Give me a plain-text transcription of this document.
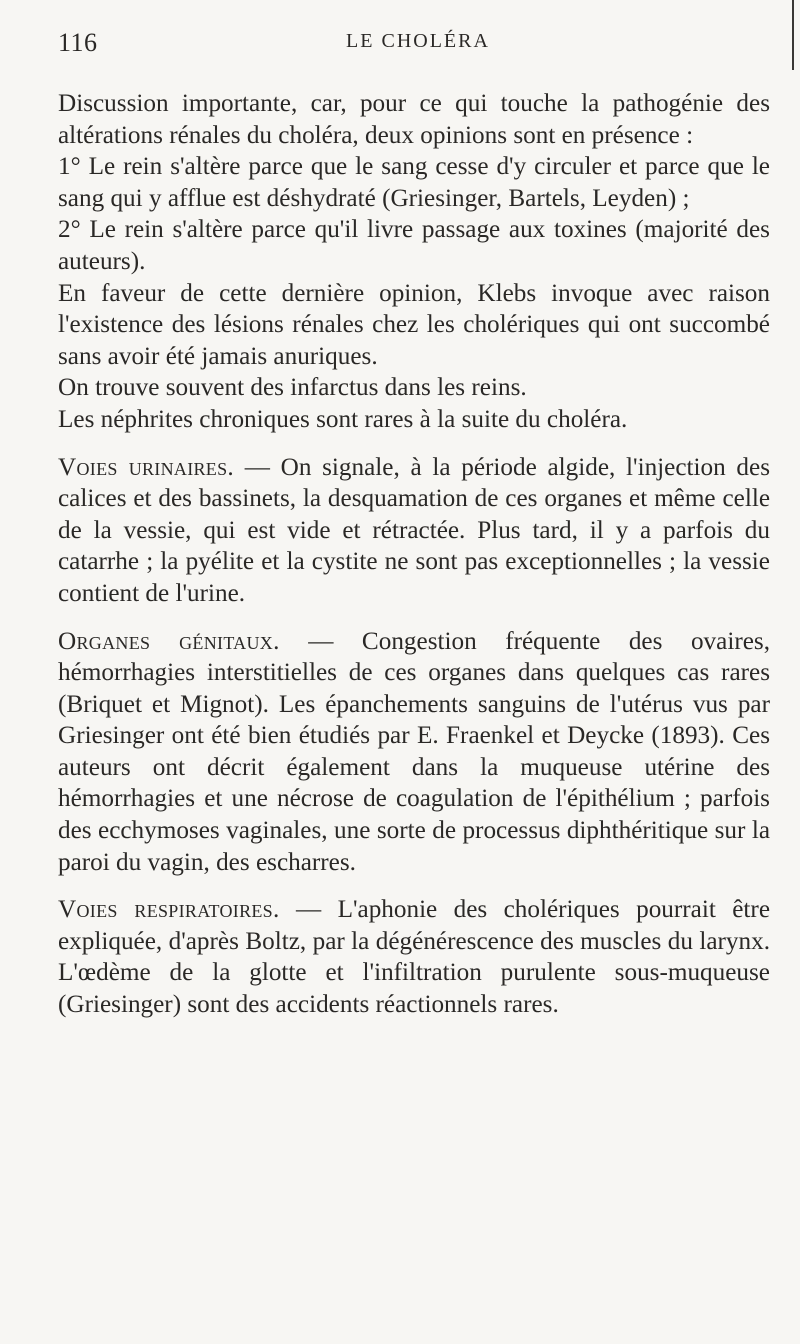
116	LE CHOLÉRA

Discussion importante, car, pour ce qui touche la pathogénie des altérations rénales du choléra, deux opinions sont en présence :

1° Le rein s'altère parce que le sang cesse d'y circuler et parce que le sang qui y afflue est déshydraté (Griesinger, Bartels, Leyden) ;

2° Le rein s'altère parce qu'il livre passage aux toxines (majorité des auteurs).

En faveur de cette dernière opinion, Klebs invoque avec raison l'existence des lésions rénales chez les cholériques qui ont succombé sans avoir été jamais anuriques.

On trouve souvent des infarctus dans les reins.

Les néphrites chroniques sont rares à la suite du choléra.

Voies urinaires. — On signale, à la période algide, l'injection des calices et des bassinets, la desquamation de ces organes et même celle de la vessie, qui est vide et rétractée. Plus tard, il y a parfois du catarrhe ; la pyélite et la cystite ne sont pas exceptionnelles ; la vessie contient de l'urine.

Organes génitaux. — Congestion fréquente des ovaires, hémorrhagies interstitielles de ces organes dans quelques cas rares (Briquet et Mignot). Les épanchements sanguins de l'utérus vus par Griesinger ont été bien étudiés par E. Fraenkel et Deycke (1893). Ces auteurs ont décrit également dans la muqueuse utérine des hémorrhagies et une nécrose de coagulation de l'épithélium ; parfois des ecchymoses vaginales, une sorte de processus diphthéritique sur la paroi du vagin, des escharres.

Voies respiratoires. — L'aphonie des cholériques pourrait être expliquée, d'après Boltz, par la dégénérescence des muscles du larynx. L'œdème de la glotte et l'infiltration purulente sous-muqueuse (Griesinger) sont des accidents réactionnels rares.
